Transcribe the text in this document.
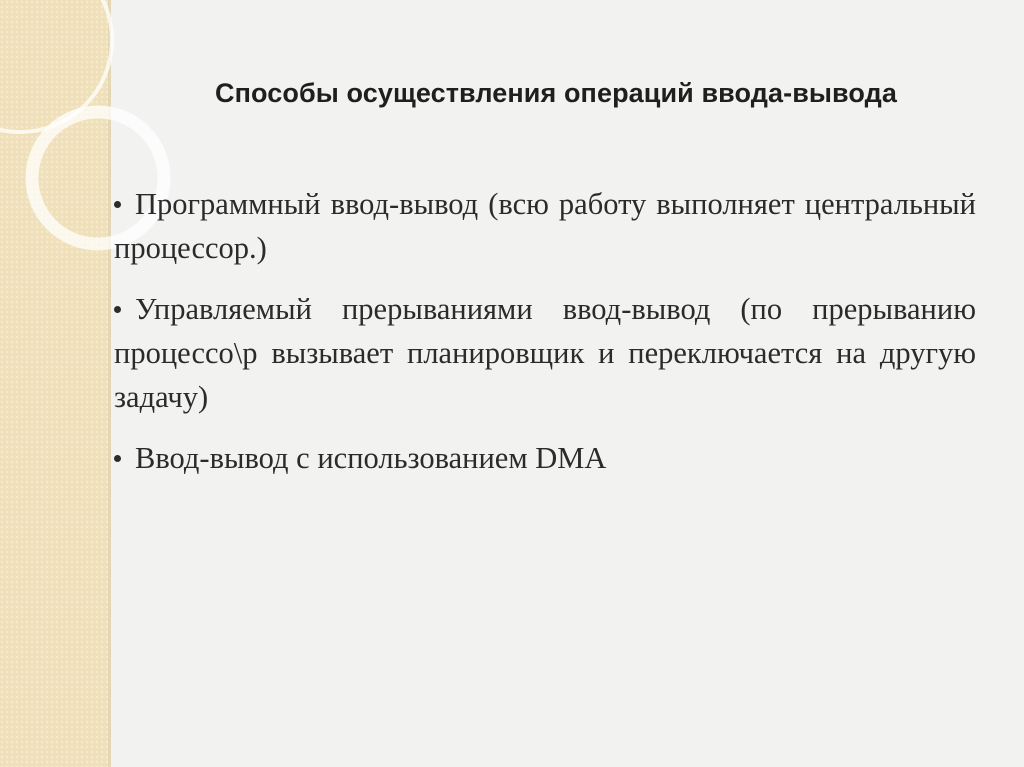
Способы осуществления операций ввода-вывода
Программный ввод-вывод (всю работу выполняет центральный процессор.)
Управляемый прерываниями ввод-вывод (по прерыванию процессо\р вызывает планировщик и переключается на другую задачу)
Ввод-вывод с использованием DMA
